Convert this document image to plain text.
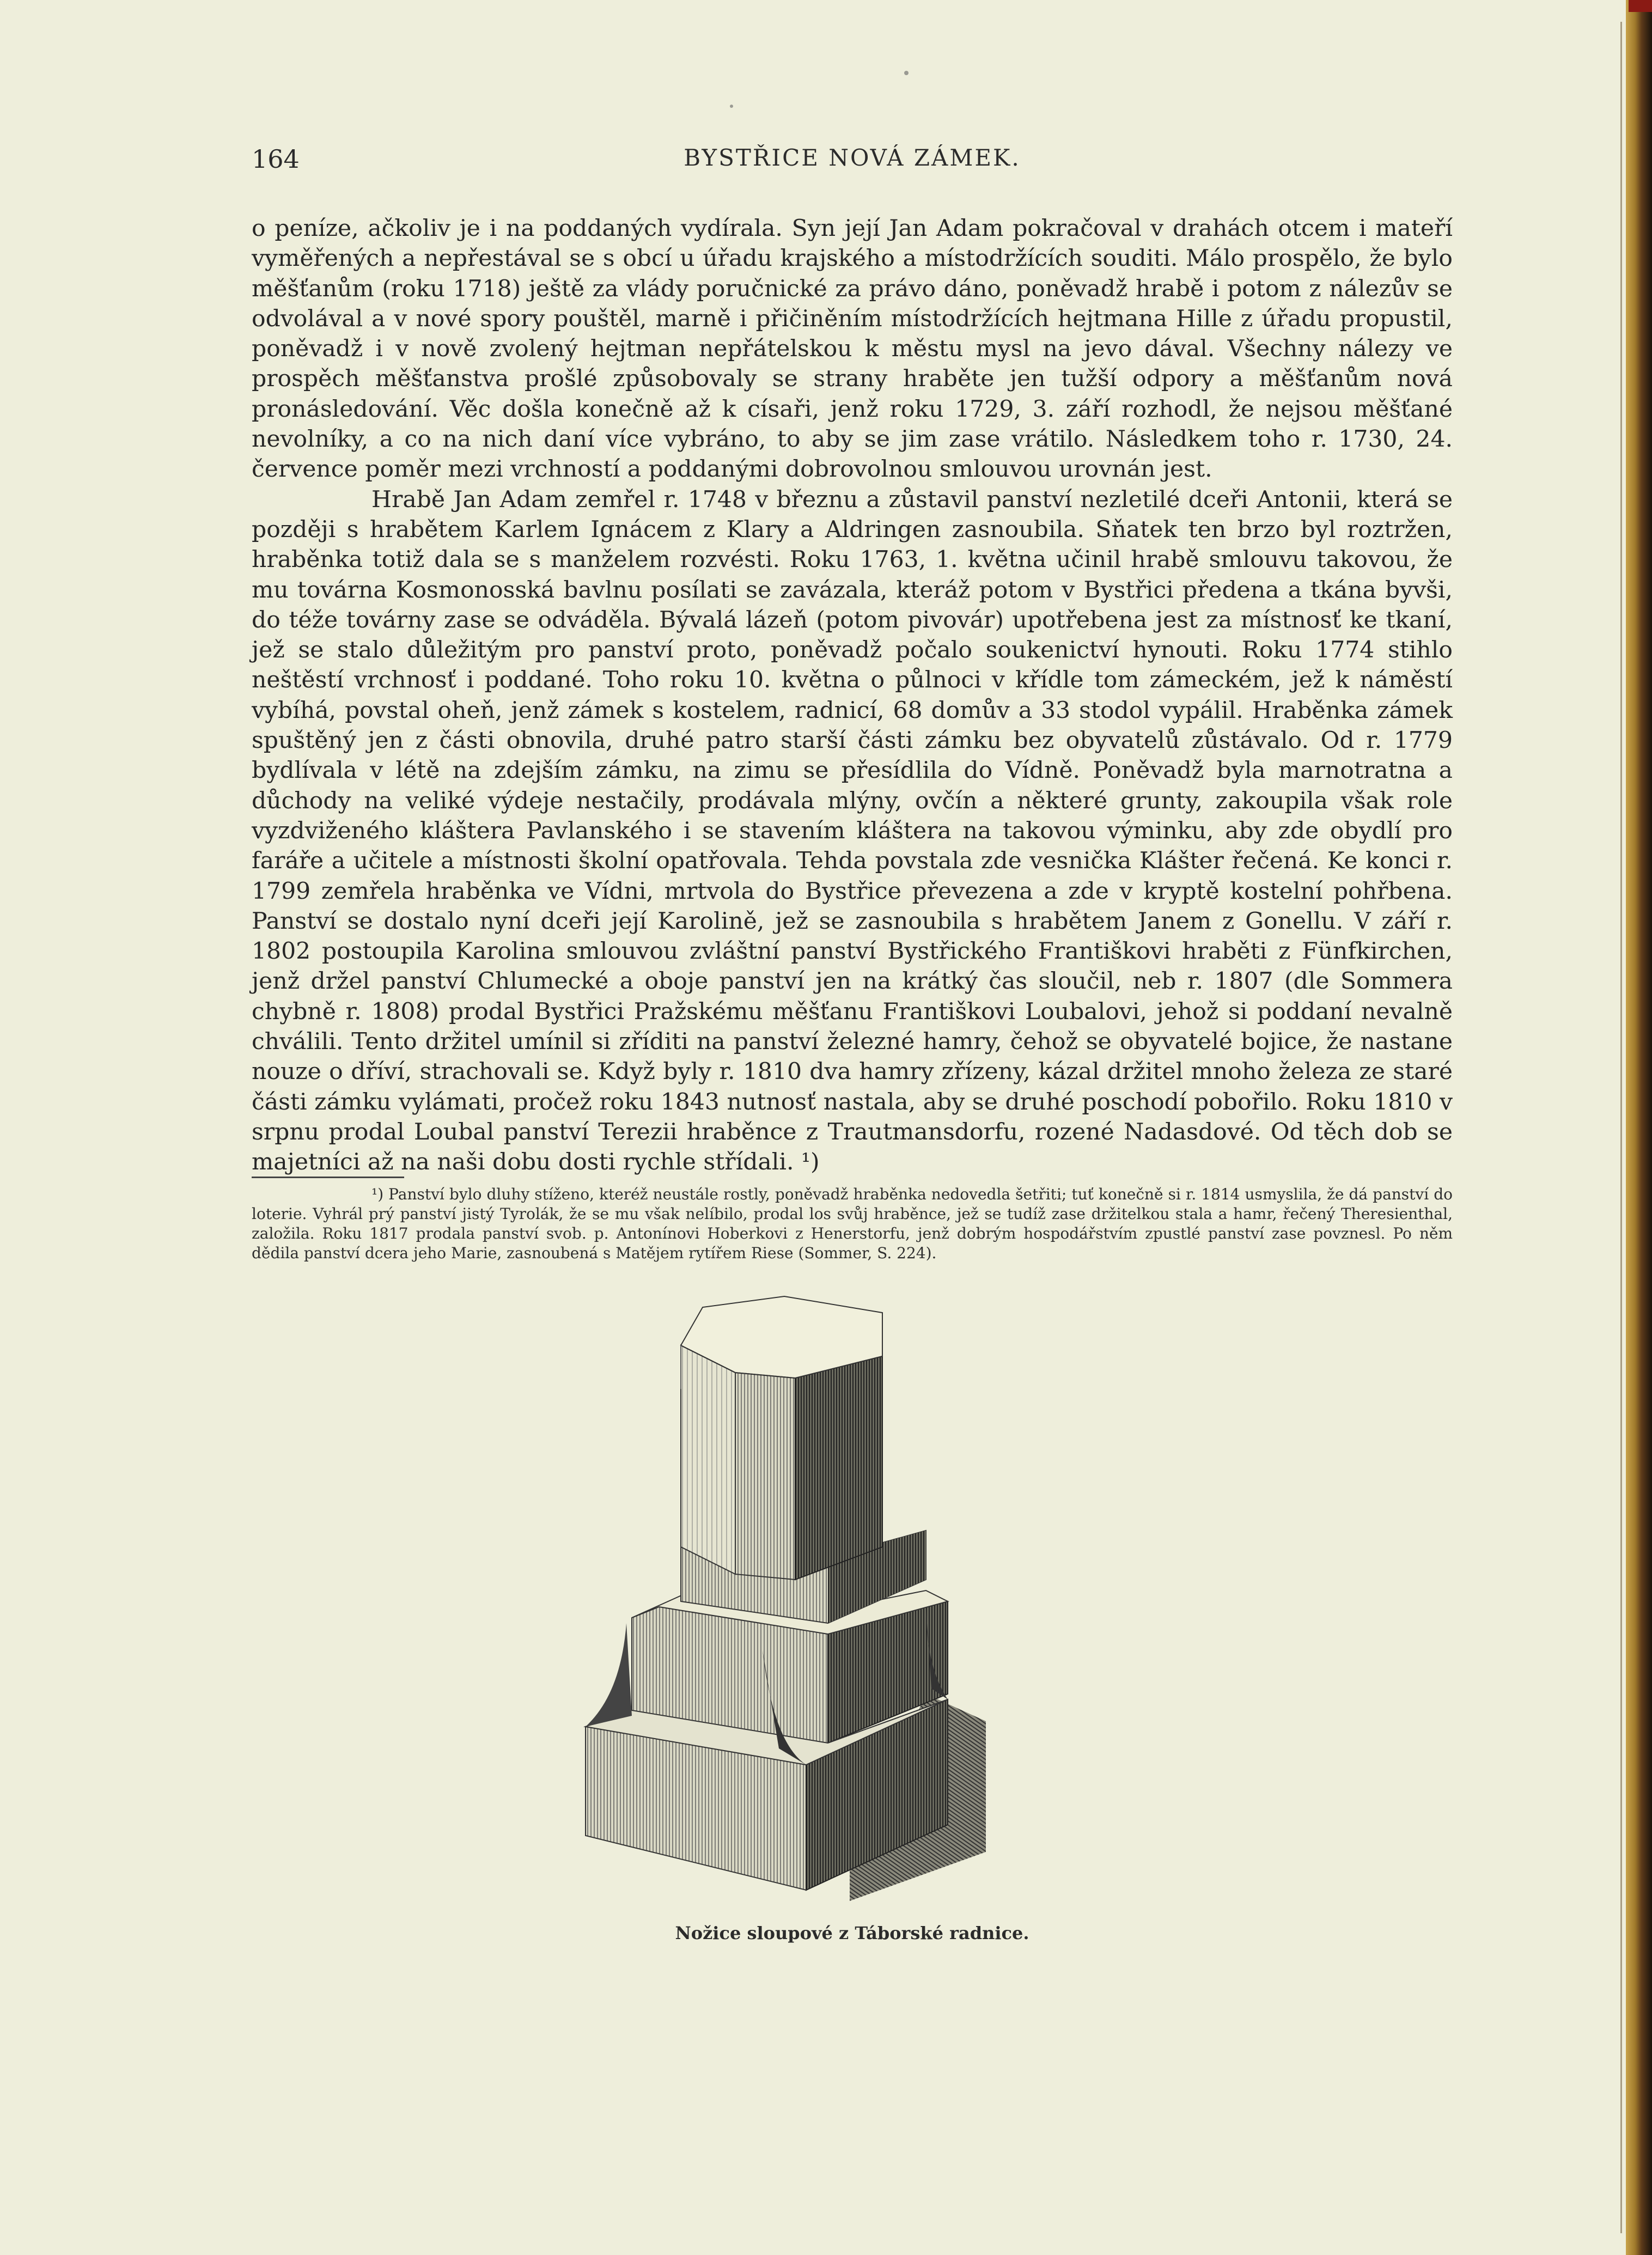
164	BYSTŘICE NOVÁ ZÁMEK.

o peníze, ačkoliv je i na poddaných vydírala. Syn její Jan Adam pokračoval v drahách otcem i mateří vyměřených a nepřestával se s obcí u úřadu krajského a místodržících souditi. Málo prospělo, že bylo měšťanům (roku 1718) ještě za vlády poručnické za právo dáno, poněvadž hrabě i potom z nálezův se odvolával a v nové spory pouštěl, marně i přičiněním místodržících hejtmana Hille z úřadu propustil, poněvadž i v nově zvolený hejtman nepřátelskou k městu mysl na jevo dával. Všechny nálezy ve prospěch měšťanstva prošlé způsobovaly se strany hraběte jen tužší odpory a měšťanům nová pronásledování. Věc došla konečně až k císaři, jenž roku 1729, 3. září rozhodl, že nejsou měšťané nevolníky, a co na nich daní více vybráno, to aby se jim zase vrátilo. Následkem toho r. 1730, 24. července poměr mezi vrchností a poddanými dobrovolnou smlouvou urovnán jest.

Hrabě Jan Adam zemřel r. 1748 v březnu a zůstavil panství nezletilé dceři Antonii, která se později s hrabětem Karlem Ignácem z Klary a Aldringen zasnoubila. Sňatek ten brzo byl roztržen, hraběnka totiž dala se s manželem rozvésti. Roku 1763, 1. května učinil hrabě smlouvu takovou, že mu továrna Kosmonosská bavlnu posílati se zavázala, kteráž potom v Bystřici předena a tkána byvši, do téže továrny zase se odváděla. Bývalá lázeň (potom pivovár) upotřebena jest za místnosť ke tkaní, jež se stalo důležitým pro panství proto, poněvadž počalo soukenictví hynouti. Roku 1774 stihlo neštěstí vrchnosť i poddané. Toho roku 10. května o půlnoci v křídle tom zámeckém, jež k náměstí vybíhá, povstal oheň, jenž zámek s kostelem, radnicí, 68 domův a 33 stodol vypálil. Hraběnka zámek spuštěný jen z části obnovila, druhé patro starší části zámku bez obyvatelů zůstávalo. Od r. 1779 bydlívala v létě na zdejším zámku, na zimu se přesídlila do Vídně. Poněvadž byla marnotratna a důchody na veliké výdeje nestačily, prodávala mlýny, ovčín a některé grunty, zakoupila však role vyzdviženého kláštera Pavlanského i se stavením kláštera na takovou výminku, aby zde obydlí pro faráře a učitele a místnosti školní opatřovala. Tehda povstala zde vesnička Klášter řečená. Ke konci r. 1799 zemřela hraběnka ve Vídni, mrtvola do Bystřice převezena a zde v kryptě kostelní pohřbena. Panství se dostalo nyní dceři její Karolině, jež se zasnoubila s hrabětem Janem z Gonellu. V září r. 1802 postoupila Karolina smlouvou zvláštní panství Bystřického Františkovi hraběti z Fünfkirchen, jenž držel panství Chlumecké a oboje panství jen na krátký čas sloučil, neb r. 1807 (dle Sommera chybně r. 1808) prodal Bystřici Pražskému měšťanu Františkovi Loubalovi, jehož si poddaní nevalně chválili. Tento držitel umínil si zříditi na panství železné hamry, čehož se obyvatelé bojice, že nastane nouze o dříví, strachovali se. Když byly r. 1810 dva hamry zřízeny, kázal držitel mnoho železa ze staré části zámku vylámati, pročež roku 1843 nutnosť nastala, aby se druhé poschodí pobořilo. Roku 1810 v srpnu prodal Loubal panství Terezii hraběnce z Trautmansdorfu, rozené Nadasdové. Od těch dob se majetníci až na naši dobu dosti rychle střídali. ¹)

¹) Panství bylo dluhy stíženo, kteréž neustále rostly, poněvadž hraběnka nedovedla šetřiti; tuť konečně si r. 1814 usmyslila, že dá panství do loterie. Vyhrál prý panství jistý Tyrolák, že se mu však nelíbilo, prodal los svůj hraběnce, jež se tudíž zase držitelkou stala a hamr, řečený Theresienthal, založila. Roku 1817 prodala panství svob. p. Antonínovi Hoberkovi z Henerstorfu, jenž dobrým hospodářstvím zpustlé panství zase povznesl. Po něm dědila panství dcera jeho Marie, zasnoubená s Matějem rytířem Riese (Sommer, S. 224).
Nožice sloupové z Táborské radnice.
